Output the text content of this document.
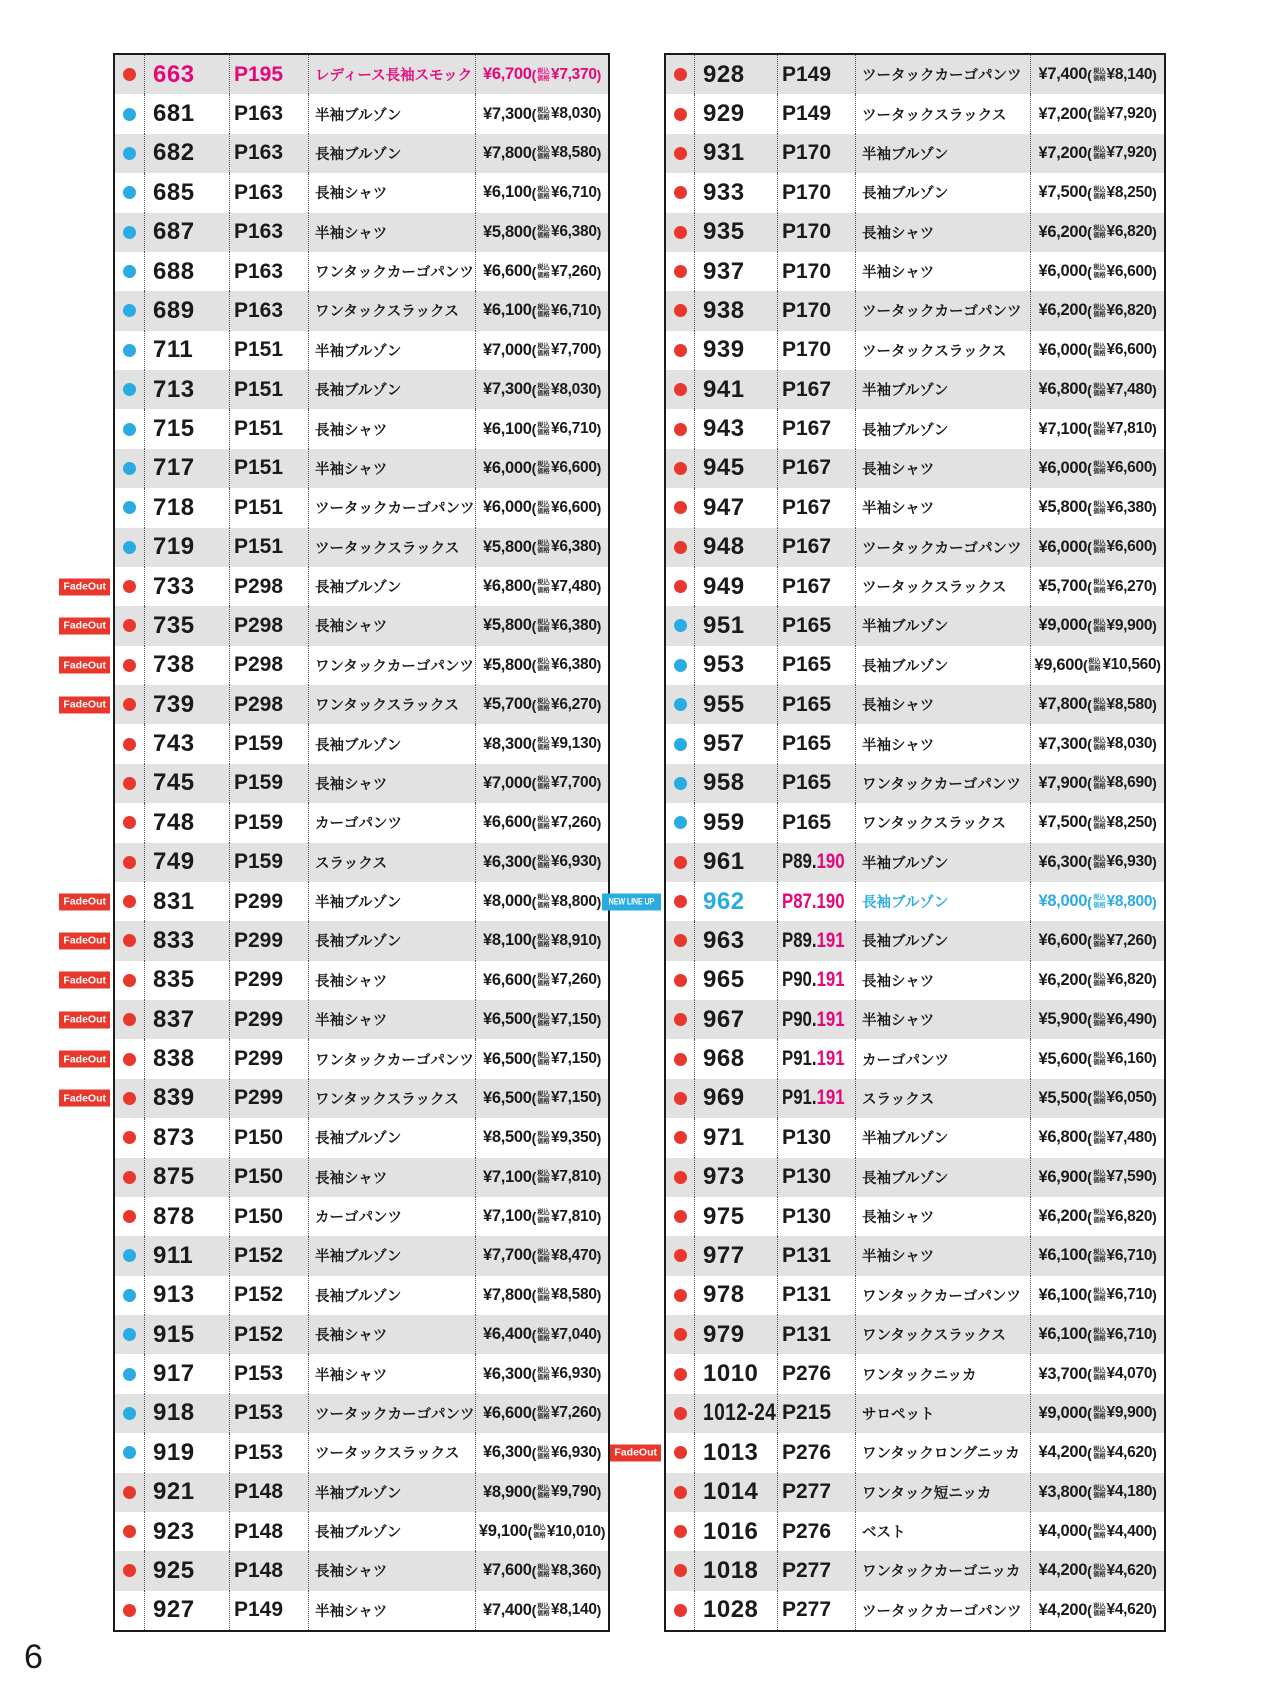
663 P195	レディース長袖スモック ¥6,700 ( 税込
価格 ¥7,370 )
681 P163	半袖ブルゾン	¥7,300 ( 税込
価格 ¥8,030 )
682 P163	長袖ブルゾン	¥7,800 ( 税込
価格 ¥8,580 )
685 P163	長袖シャツ	¥6,100 ( 税込
価格 ¥6,710 )
687 P163	半袖シャツ	¥5,800 ( 税込
価格 ¥6,380 )
688 P163	ワンタックカーゴパンツ ¥6,600 ( 税込
価格 ¥7,260 )
689 P163	ワンタックスラックス	¥6,100 ( 税込
価格 ¥6,710 )
711 P151	半袖ブルゾン	¥7,000 ( 税込
価格 ¥7,700 )
713 P151	長袖ブルゾン	¥7,300 ( 税込
価格 ¥8,030 )
715 P151	長袖シャツ	¥6,100 ( 税込
価格 ¥6,710 )
717 P151	半袖シャツ	¥6,000 ( 税込
価格 ¥6,600 )
718 P151	ツータックカーゴパンツ ¥6,000 ( 税込
価格 ¥6,600 )
719 P151	ツータックスラックス	¥5,800 ( 税込
価格 ¥6,380 )
FadeOut 733 P298	長袖ブルゾン	¥6,800 ( 税込
価格 ¥7,480 )
FadeOut 735 P298	長袖シャツ	¥5,800 ( 税込
価格 ¥6,380 )
FadeOut 738 P298	ワンタックカーゴパンツ ¥5,800 ( 税込
価格 ¥6,380 )
FadeOut 739 P298	ワンタックスラックス	¥5,700 ( 税込
価格 ¥6,270 )
743 P159	長袖ブルゾン	¥8,300 ( 税込
価格 ¥9,130 )
745 P159	長袖シャツ	¥7,000 ( 税込
価格 ¥7,700 )
748 P159	カーゴパンツ	¥6,600 ( 税込
価格 ¥7,260 )
749 P159	スラックス	¥6,300 ( 税込
価格 ¥6,930 )
FadeOut 831 P299	半袖ブルゾン	¥8,000 ( 税込
価格 ¥8,800 )
FadeOut 833 P299	長袖ブルゾン	¥8,100 ( 税込
価格 ¥8,910 )
FadeOut 835 P299	長袖シャツ	¥6,600 ( 税込
価格 ¥7,260 )
FadeOut 837 P299	半袖シャツ	¥6,500 ( 税込
価格 ¥7,150 )
FadeOut 838 P299	ワンタックカーゴパンツ ¥6,500 ( 税込
価格 ¥7,150 )
FadeOut 839 P299	ワンタックスラックス	¥6,500 ( 税込
価格 ¥7,150 )
873 P150	長袖ブルゾン	¥8,500 ( 税込
価格 ¥9,350 )
875 P150	長袖シャツ	¥7,100 ( 税込
価格 ¥7,810 )
878 P150	カーゴパンツ	¥7,100 ( 税込
価格 ¥7,810 )
911 P152	半袖ブルゾン	¥7,700 ( 税込
価格 ¥8,470 )
913 P152	長袖ブルゾン	¥7,800 ( 税込
価格 ¥8,580 )
915 P152	長袖シャツ	¥6,400 ( 税込
価格 ¥7,040 )
917 P153	半袖シャツ	¥6,300 ( 税込
価格 ¥6,930 )
918 P153	ツータックカーゴパンツ ¥6,600 ( 税込
価格 ¥7,260 )
919 P153	ツータックスラックス	¥6,300 ( 税込
価格 ¥6,930 )
921 P148	半袖ブルゾン	¥8,900 ( 税込
価格 ¥9,790 )
923 P148	長袖ブルゾン	¥9,100 ( 税込
価格 ¥10,010 )
925 P148	長袖シャツ	¥7,600 ( 税込
価格 ¥8,360 )
927 P149	半袖シャツ	¥7,400 ( 税込
価格 ¥8,140 )
928 P149	ツータックカーゴパンツ	¥7,400 ( 税込
価格 ¥8,140 )
929 P149	ツータックスラックス	¥7,200 ( 税込
価格 ¥7,920 )
931 P170	半袖ブルゾン	¥7,200 ( 税込
価格 ¥7,920 )
933 P170	長袖ブルゾン	¥7,500 ( 税込
価格 ¥8,250 )
935 P170	長袖シャツ	¥6,200 ( 税込
価格 ¥6,820 )
937 P170	半袖シャツ	¥6,000 ( 税込
価格 ¥6,600 )
938 P170	ツータックカーゴパンツ	¥6,200 ( 税込
価格 ¥6,820 )
939 P170	ツータックスラックス	¥6,000 ( 税込
価格 ¥6,600 )
941 P167	半袖ブルゾン	¥6,800 ( 税込
価格 ¥7,480 )
943 P167	長袖ブルゾン	¥7,100 ( 税込
価格 ¥7,810 )
945 P167	長袖シャツ	¥6,000 ( 税込
価格 ¥6,600 )
947 P167	半袖シャツ	¥5,800 ( 税込
価格 ¥6,380 )
948 P167	ツータックカーゴパンツ	¥6,000 ( 税込
価格 ¥6,600 )
949 P167	ツータックスラックス	¥5,700 ( 税込
価格 ¥6,270 )
951 P165	半袖ブルゾン	¥9,000 ( 税込
価格 ¥9,900 )
953 P165	長袖ブルゾン	¥9,600 ( 税込
価格 ¥10,560 )
955 P165	長袖シャツ	¥7,800 ( 税込
価格 ¥8,580 )
957 P165	半袖シャツ	¥7,300 ( 税込
価格 ¥8,030 )
958 P165	ワンタックカーゴパンツ	¥7,900 ( 税込
価格 ¥8,690 )
959 P165	ワンタックスラックス	¥7,500 ( 税込
価格 ¥8,250 )
961 P89.190	半袖ブルゾン	¥6,300 ( 税込
価格 ¥6,930 )
NEW LINE UP 962 P87.190	長袖ブルゾン	¥8,000 ( 税込
価格 ¥8,800 )
963 P89.191	長袖ブルゾン	¥6,600 ( 税込
価格 ¥7,260 )
965 P90.191	長袖シャツ	¥6,200 ( 税込
価格 ¥6,820 )
967 P90.191	半袖シャツ	¥5,900 ( 税込
価格 ¥6,490 )
968 P91.191	カーゴパンツ	¥5,600 ( 税込
価格 ¥6,160 )
969 P91.191	スラックス	¥5,500 ( 税込
価格 ¥6,050 )
971 P130	半袖ブルゾン	¥6,800 ( 税込
価格 ¥7,480 )
973 P130	長袖ブルゾン	¥6,900 ( 税込
価格 ¥7,590 )
975 P130	長袖シャツ	¥6,200 ( 税込
価格 ¥6,820 )
977 P131	半袖シャツ	¥6,100 ( 税込
価格 ¥6,710 )
978 P131	ワンタックカーゴパンツ	¥6,100 ( 税込
価格 ¥6,710 )
979 P131	ワンタックスラックス	¥6,100 ( 税込
価格 ¥6,710 )
1010 P276	ワンタックニッカ	¥3,700 ( 税込
価格 ¥4,070 )
1012-24 P215	サロペット	¥9,000 ( 税込
価格 ¥9,900 )
FadeOut 1013 P276	ワンタックロングニッカ	¥4,200 ( 税込
価格 ¥4,620 )
1014 P277	ワンタック短ニッカ	¥3,800 ( 税込
価格 ¥4,180 )
1016 P276	ベスト	¥4,000 ( 税込
価格 ¥4,400 )
1018 P277	ワンタックカーゴニッカ	¥4,200 ( 税込
価格 ¥4,620 )
1028 P277	ツータックカーゴパンツ	¥4,200 ( 税込
価格 ¥4,620 )
6
